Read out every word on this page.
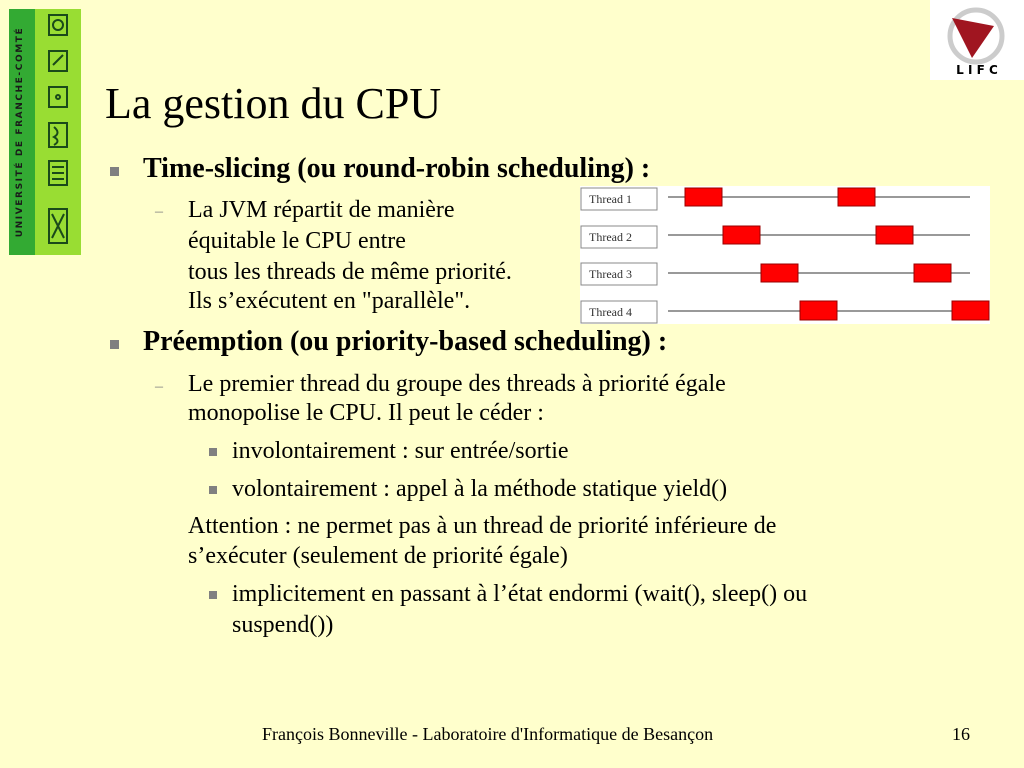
UNIVERSITÉ DE FRANCHE-COMTÉ	L I F C
La gestion du CPU
Time-slicing (ou round-robin scheduling) :
– La JVM répartit de manière
équitable le CPU entre
tous les threads de même priorité.
Ils s’exécutent en "parallèle".
Thread 1
Thread 2
Thread 3
Thread 4
Préemption (ou priority-based scheduling) :
– Le premier thread du groupe des threads à priorité égale
monopolise le CPU. Il peut le céder :
involontairement : sur entrée/sortie
volontairement : appel à la méthode statique yield()
Attention : ne permet pas à un thread de priorité inférieure de
s’exécuter (seulement de priorité égale)
implicitement en passant à l’état endormi (wait(), sleep() ou
suspend())
François Bonneville - Laboratoire d'Informatique de Besançon	16
